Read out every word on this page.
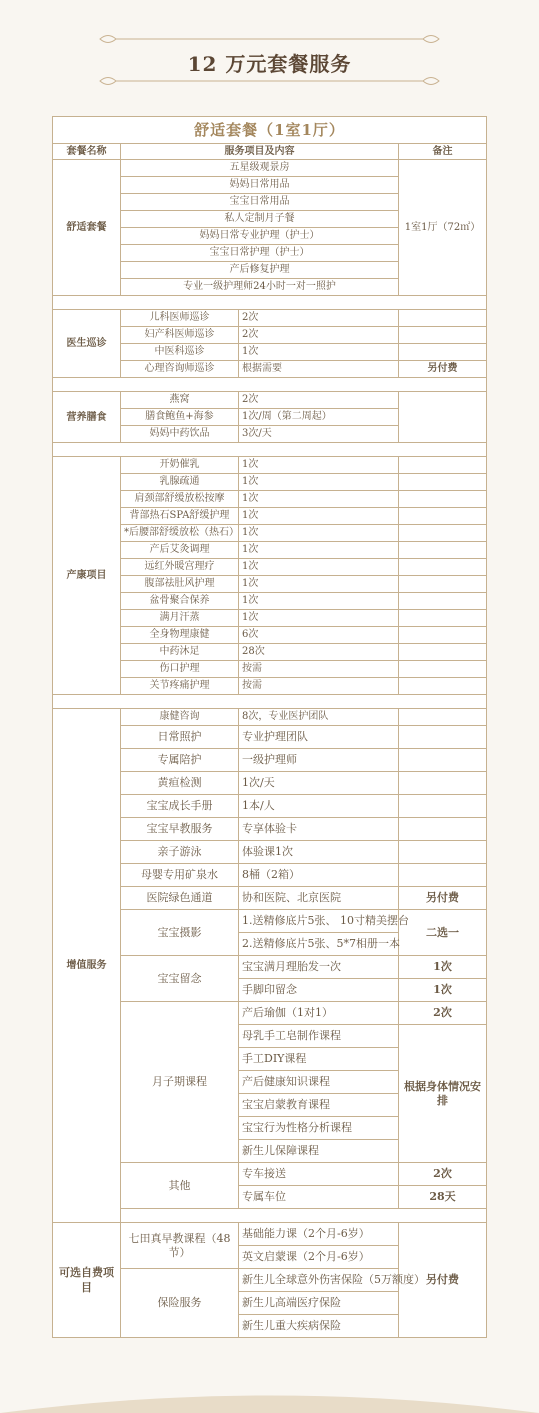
12 万元套餐服务
舒适套餐（1室1厅）			
套餐名称	服务项目及内容		备注
舒适套餐	五星级观景房		1室1厅（72㎡）
	妈妈日常用品		
	宝宝日常用品		
	私人定制月子餐		
	妈妈日常专业护理（护士）		
	宝宝日常护理（护士）		
	产后修复护理		
	专业一级护理师24小时一对一照护		

医生巡诊	儿科医师巡诊	2次	
	妇产科医师巡诊	2次	
	中医科巡诊	1次	
	心理咨询师巡诊	根据需要	另付费

营养膳食	燕窝	2次	
	膳食鲍鱼+海参	1次/周（第二周起）	
	妈妈中药饮品	3次/天	

产康项目	开奶催乳	1次	
	乳腺疏通	1次	
	肩颈部舒缓放松按摩	1次	
	背部热石SPA舒缓护理	1次	
	*后腰部舒缓放松（热石）	1次	
	产后艾灸调理	1次	
	远红外暖宫理疗	1次	
	腹部祛肚风护理	1次	
	盆骨聚合保养	1次	
	满月汗蒸	1次	
	全身物理康健	6次	
	中药沐足	28次	
	伤口护理	按需	
	关节疼痛护理	按需	

增值服务	康健咨询	8次，专业医护团队	
	日常照护	专业护理团队	
	专属陪护	一级护理师	
	黄疸检测	1次/天	
	宝宝成长手册	1本/人	
	宝宝早教服务	专享体验卡	
	亲子游泳	体验课1次	
	母婴专用矿泉水	8桶（2箱）	
	医院绿色通道	协和医院、北京医院	另付费
	宝宝摄影	1.送精修底片5张、 10寸精美摆台	二选一
		2.送精修底片5张、5*7相册一本	
	宝宝留念	宝宝满月理胎发一次	1次
		手脚印留念	1次
	月子期课程	产后瑜伽（1对1）	2次
		母乳手工皂制作课程	根据身体情况安排
		手工DIY课程	
		产后健康知识课程	
		宝宝启蒙教育课程	
		宝宝行为性格分析课程	
		新生儿保障课程	
	其他	专车接送	2次
		专属车位	28天

可选自费项目	七田真早教课程（48节）	基础能力课（2个月-6岁）	另付费
		英文启蒙课（2个月-6岁）	
	保险服务	新生儿全球意外伤害保险（5万额度）	
		新生儿高端医疗保险	
		新生儿重大疾病保险	
